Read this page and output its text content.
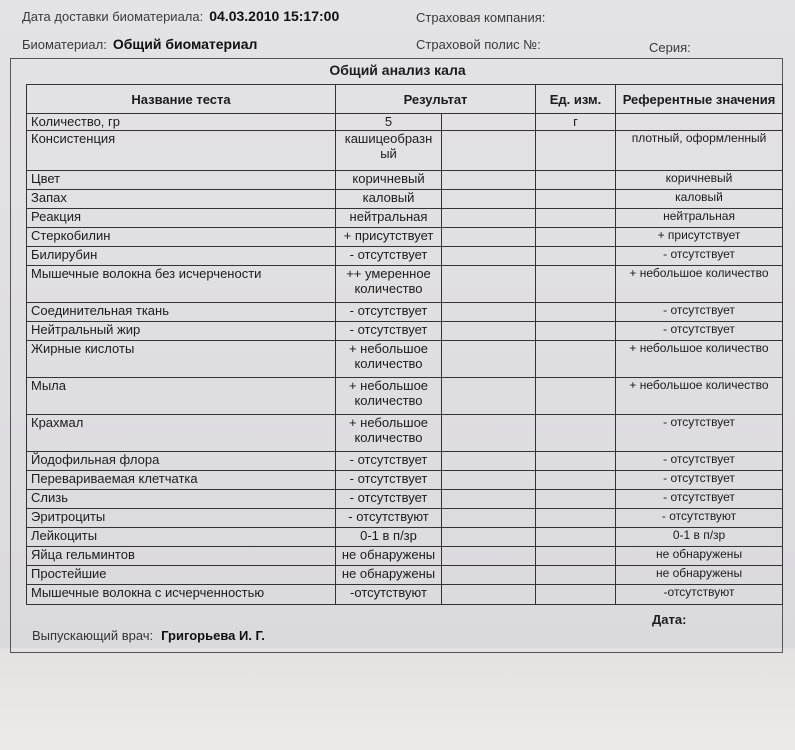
Дата доставки биоматериала: 04.03.2010 15:17:00	Страховая компания:
Биоматериал: Общий биоматериал	Страховой полис №:	Серия:
Общий анализ кала
Название теста	Результат		Ед. изм.	Референтные значения
Количество, гр	5		г	
Консистенция	кашицеобразн ый			плотный, оформленный
Цвет	коричневый			коричневый
Запах	каловый			каловый
Реакция	нейтральная			нейтральная
Стеркобилин	+ присутствует			+ присутствует
Билирубин	- отсутствует			- отсутствует
Мышечные волокна без исчерчености	++ умеренное количество			+ небольшое количество
Соединительная ткань	- отсутствует			- отсутствует
Нейтральный жир	- отсутствует			- отсутствует
Жирные кислоты	+ небольшое количество			+ небольшое количество
Мыла	+ небольшое количество			+ небольшое количество
Крахмал	+ небольшое количество			- отсутствует
Йодофильная флора	- отсутствует			- отсутствует
Перевариваемая клетчатка	- отсутствует			- отсутствует
Слизь	- отсутствует			- отсутствует
Эритроциты	- отсутствуют			- отсутствуют
Лейкоциты	0-1 в п/зр			0-1 в п/зр
Яйца гельминтов	не обнаружены			не обнаружены
Простейшие	не обнаружены			не обнаружены
Мышечные волокна с исчерченностью	-отсутствуют			-отсутствуют
Дата:
Выпускающий врач: Григорьева И. Г.
